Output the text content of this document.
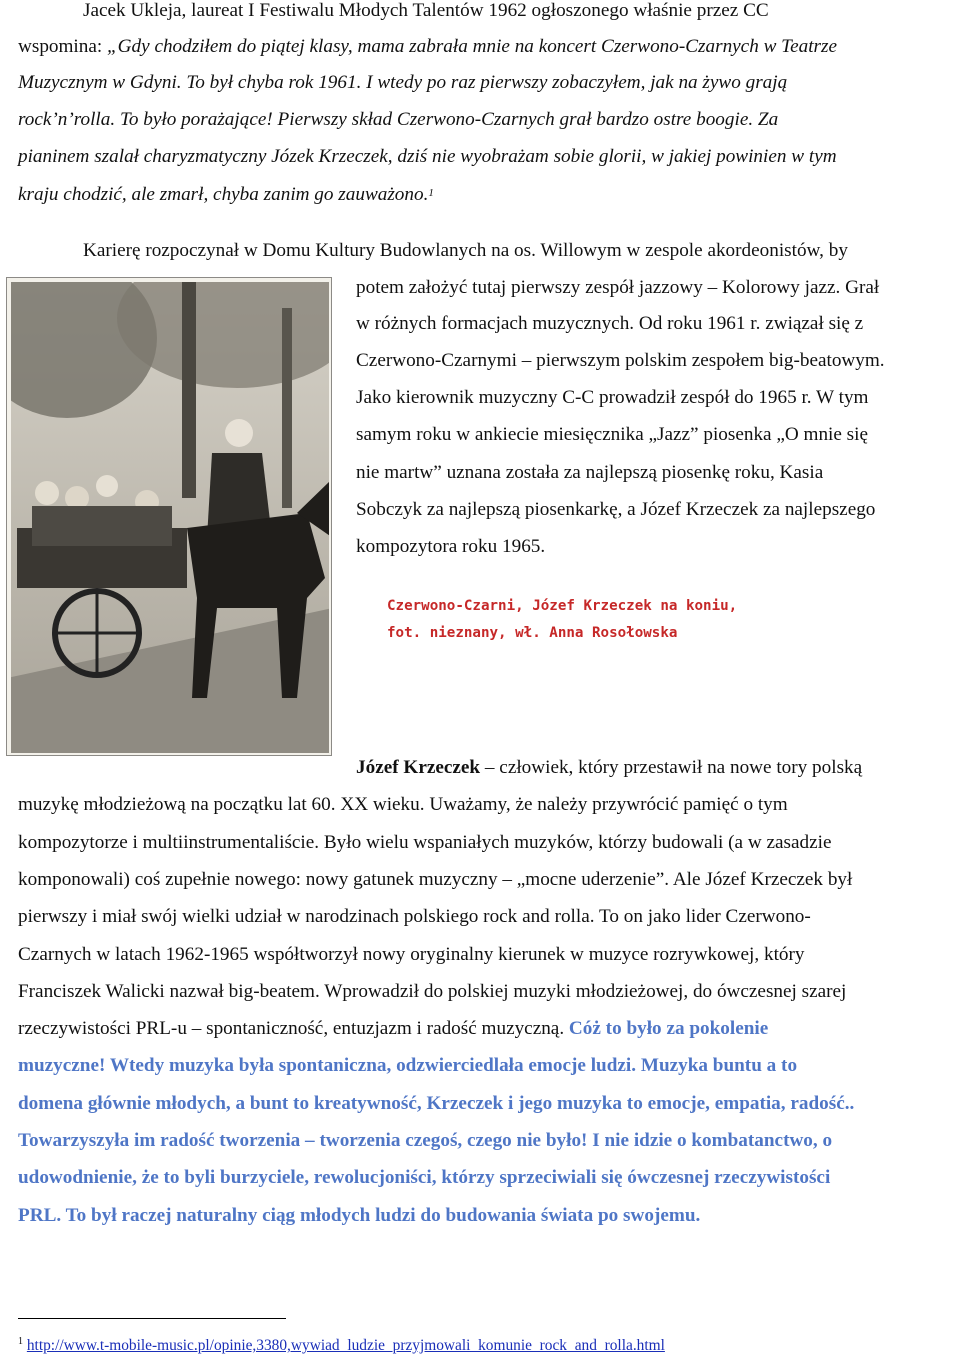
Jacek Ukleja, laureat I Festiwalu Młodych Talentów 1962 ogłoszonego właśnie przez CC
wspomina: „Gdy chodziłem do piątej klasy, mama zabrała mnie na koncert Czerwono-Czarnych w Teatrze
Muzycznym w Gdyni. To był chyba rok 1961. I wtedy po raz pierwszy zobaczyłem, jak na żywo grają
rock’n’rolla. To było porażające! Pierwszy skład Czerwono-Czarnych grał bardzo ostre boogie. Za
pianinem szalał charyzmatyczny Józek Krzeczek, dziś nie wyobrażam sobie glorii, w jakiej powinien w tym
kraju chodzić, ale zmarł, chyba zanim go zauważono.$^1$
Karierę rozpoczynał w Domu Kultury Budowlanych na os. Willowym w zespole akordeonistów, by
potem założyć tutaj pierwszy zespół jazzowy – Kolorowy jazz. Grał
w różnych formacjach muzycznych. Od roku 1961 r. związał się z
Czerwono-Czarnymi – pierwszym polskim zespołem big-beatowym.
Jako kierownik muzyczny C-C prowadził zespół do 1965 r. W tym
samym roku w ankiecie miesięcznika „Jazz” piosenka „O mnie się
nie martw” uznana została za najlepszą piosenkę roku, Kasia
Sobczyk za najlepszą piosenkarkę, a Józef Krzeczek za najlepszego
kompozytora roku 1965.
Czerwono-Czarni, Józef Krzeczek na koniu,
fot. nieznany, wł. Anna Rosołowska
Józef Krzeczek – człowiek, który przestawił na nowe tory polską
muzykę młodzieżową na początku lat 60. XX wieku. Uważamy, że należy przywrócić pamięć o tym
kompozytorze i multiinstrumentaliście. Było wielu wspaniałych muzyków, którzy budowali (a w zasadzie
komponowali) coś zupełnie nowego: nowy gatunek muzyczny – „mocne uderzenie”. Ale Józef Krzeczek był
pierwszy i miał swój wielki udział w narodzinach polskiego rock and rolla. To on jako lider Czerwono-
Czarnych w latach 1962-1965 współtworzył nowy oryginalny kierunek w muzyce rozrywkowej, który
Franciszek Walicki nazwał big-beatem. Wprowadził do polskiej muzyki młodzieżowej, do ówczesnej szarej
rzeczywistości PRL-u – spontaniczność, entuzjazm i radość muzyczną. Cóż to było za pokolenie
muzyczne! Wtedy muzyka była spontaniczna, odzwierciedlała emocje ludzi. Muzyka buntu a to
domena głównie młodych, a bunt to kreatywność, Krzeczek i jego muzyka to emocje, empatia, radość..
Towarzyszyła im radość tworzenia – tworzenia czegoś, czego nie było! I nie idzie o kombatanctwo, o
udowodnienie, że to byli burzyciele, rewolucjoniści, którzy sprzeciwiali się ówczesnej rzeczywistości
PRL. To był raczej naturalny ciąg młodych ludzi do budowania świata po swojemu.
$^1$ http://www.t-mobile-music.pl/opinie,3380,wywiad_ludzie_przyjmowali_komunie_rock_and_rolla.html
